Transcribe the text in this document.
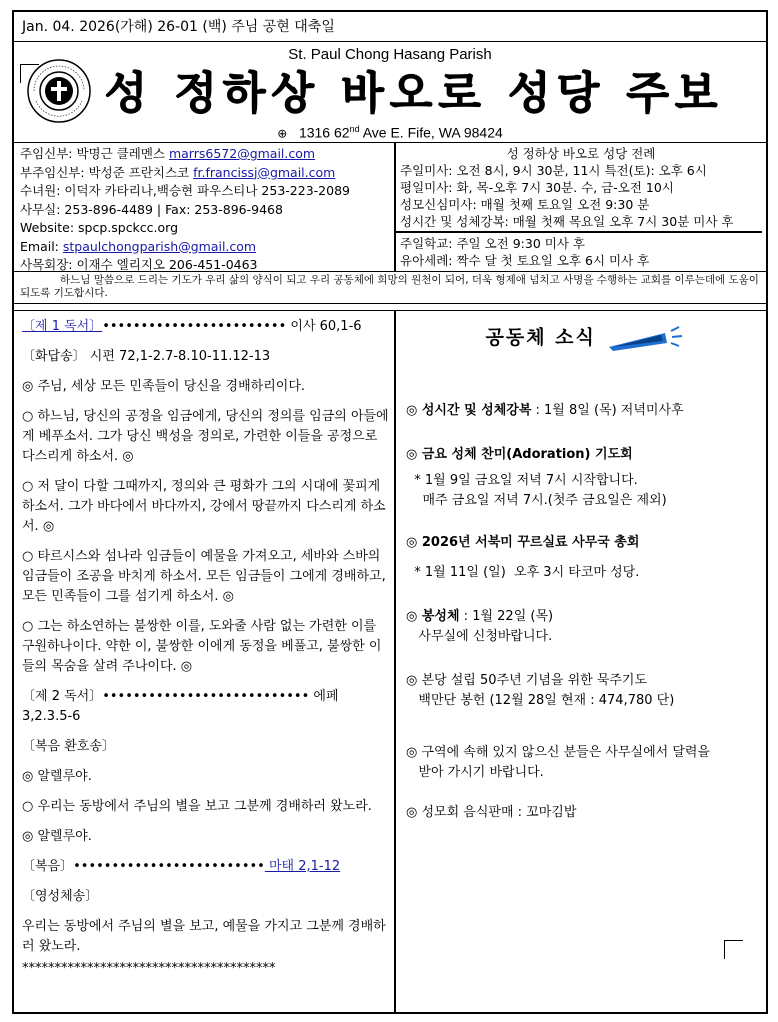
Jan. 04. 2026(가해) 26-01 (백) 주님 공현 대축일
St. Paul Chong Hasang Parish
성 정하상 바오로 성당 주보
⊕ 1316 62nd Ave E. Fife, WA 98424
주임신부: 박명근 클레멘스 marrs6572@gmail.com
부주임신부: 박성준 프란치스코 fr.francissj@gmail.com
수녀원: 이덕자 카타리나,백승현 파우스티나 253-223-2089
사무실: 253-896-4489 | Fax: 253-896-9468
Website: spcp.spckcc.org
Email: stpaulchongparish@gmail.com
사목회장: 이재수 엘리지오 206-451-0463
성 정하상 바오로 성당 전례
주일미사: 오전 8시, 9시 30분, 11시 특전(토): 오후 6시
평일미사: 화, 목-오후 7시 30분. 수, 금-오전 10시
성모신심미사: 매월 첫째 토요일 오전 9:30 분
성시간 및 성체강복: 매월 첫째 목요일 오후 7시 30분 미사 후
주일학교: 주일 오전 9:30 미사 후
유아세례: 짝수 달 첫 토요일 오후 6시 미사 후

하느님 말씀으로 드리는 기도가 우리 삶의 양식이 되고 우리 공동체에 희망의 원천이 되어, 더욱 형제애 넘치고 사명을 수행하는 교회를 이루는데에 도움이 되도록 기도합시다.

〔제 1 독서〕•••••••••••••••••••••••• 이사 60,1-6

〔화답송〕 시편 72,1-2.7-8.10-11.12-13

◎ 주님, 세상 모든 민족들이 당신을 경배하리이다.

○ 하느님, 당신의 공정을 임금에게, 당신의 정의를 임금의 아들에게 베푸소서. 그가 당신 백성을 정의로, 가련한 이들을 공정으로 다스리게 하소서. ◎

○ 저 달이 다할 그때까지, 정의와 큰 평화가 그의 시대에 꽃피게 하소서. 그가 바다에서 바다까지, 강에서 땅끝까지 다스리게 하소서. ◎

○ 타르시스와 섬나라 임금들이 예물을 가져오고, 세바와 스바의 임금들이 조공을 바치게 하소서. 모든 임금들이 그에게 경배하고, 모든 민족들이 그를 섬기게 하소서. ◎

○ 그는 하소연하는 불쌍한 이를, 도와줄 사람 없는 가련한 이를 구원하나이다. 약한 이, 불쌍한 이에게 동정을 베풀고, 불쌍한 이들의 목숨을 살려 주나이다. ◎

〔제 2 독서〕••••••••••••••••••••••••••• 에페 3,2.3.5-6

〔복음 환호송〕

◎ 알렐루야.

○ 우리는 동방에서 주님의 별을 보고 그분께 경배하러 왔노라.

◎ 알렐루야.

〔복음〕••••••••••••••••••••••••• 마태 2,1-12

〔영성체송〕

우리는 동방에서 주님의 별을 보고, 예물을 가지고 그분께 경배하러 왔노라.

***************************************

공동체 소식

◎ 성시간 및 성체강복 : 1월 8일 (목) 저녁미사후

◎ 금요 성체 찬미(Adoration) 기도회

* 1월 9일 금요일 저녁 7시 시작합니다.
매주 금요일 저녁 7시.(첫주 금요일은 제외)

◎ 2026년 서북미 꾸르실료 사무국 총회

* 1월 11일 (일)  오후 3시 타코마 성당.

◎ 봉성체 : 1월 22일 (목)

사무실에 신청바랍니다.

◎ 본당 설립 50주년 기념을 위한 묵주기도

백만단 봉헌 (12월 28일 현재 : 474,780 단)

◎ 구역에 속해 있지 않으신 분들은 사무실에서 달력을

받아 가시기 바랍니다.

◎ 성모회 음식판매 : 꼬마김밥
